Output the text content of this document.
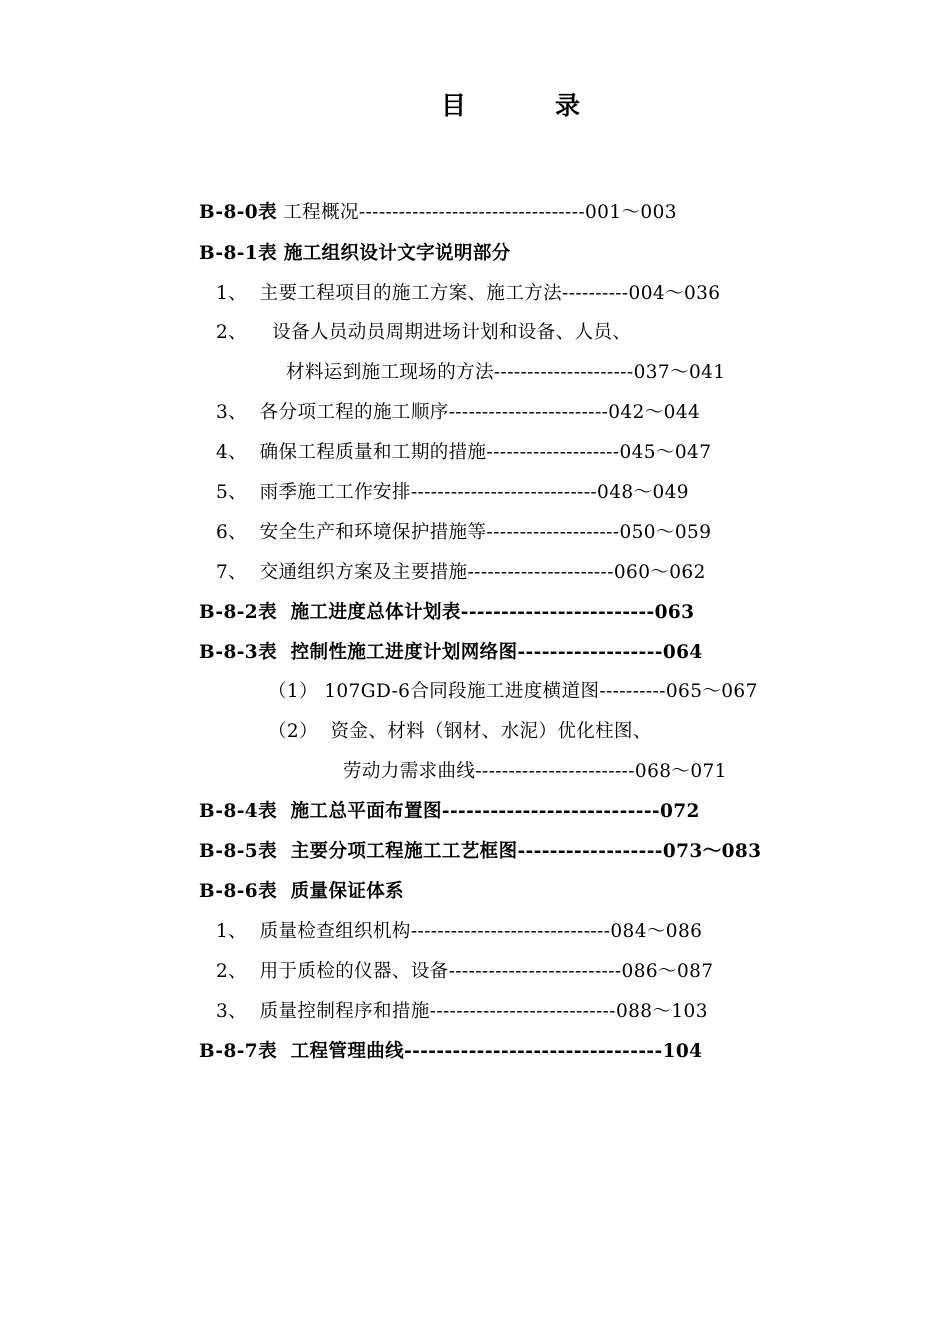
目	录
B-8-0表 工程概况----------------------------------001～003
B-8-1表 施工组织设计文字说明部分
1、  主要工程项目的施工方案、施工方法----------004～036
2、    设备人员动员周期进场计划和设备、人员、
材料运到施工现场的方法---------------------037～041
3、  各分项工程的施工顺序------------------------042～044
4、  确保工程质量和工期的措施--------------------045～047
5、  雨季施工工作安排----------------------------048～049
6、  安全生产和环境保护措施等--------------------050～059
7、  交通组织方案及主要措施----------------------060～062
B-8-2表  施工进度总体计划表------------------------063
B-8-3表  控制性施工进度计划网络图------------------064
（1） 107GD-6合同段施工进度横道图----------065～067
（2）  资金、材料（钢材、水泥）优化柱图、
劳动力需求曲线------------------------068～071
B-8-4表  施工总平面布置图---------------------------072
B-8-5表  主要分项工程施工工艺框图------------------073～083
B-8-6表  质量保证体系
1、  质量检查组织机构------------------------------084～086
2、  用于质检的仪器、设备--------------------------086～087
3、  质量控制程序和措施----------------------------088～103
B-8-7表  工程管理曲线--------------------------------104
